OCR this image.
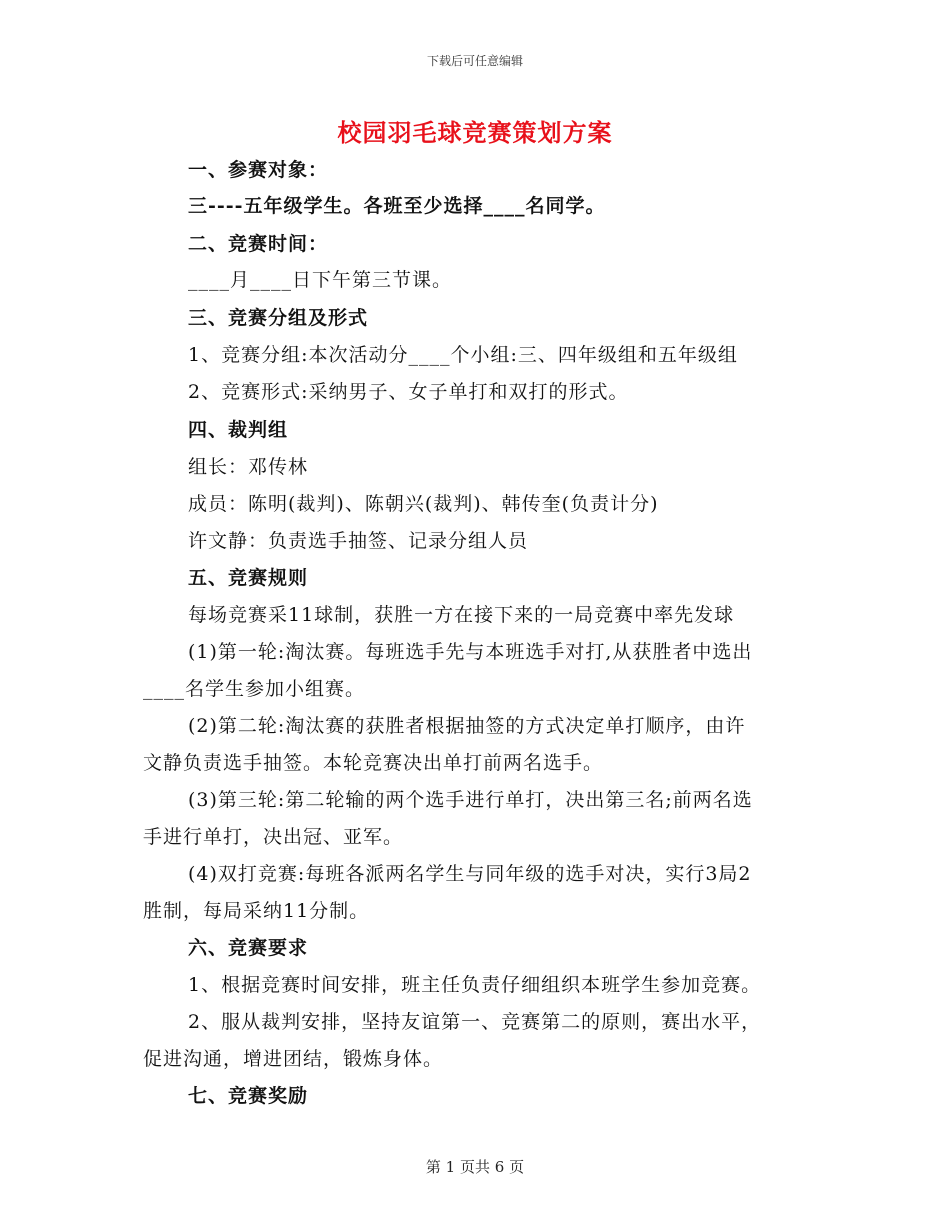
下载后可任意编辑
校园羽毛球竞赛策划方案
一、参赛对象：
三----五年级学生。各班至少选择____名同学。
二、竞赛时间：
____月____日下午第三节课。
三、竞赛分组及形式
1、竞赛分组:本次活动分____个小组:三、四年级组和五年级组
2、竞赛形式:采纳男子、女子单打和双打的形式。
四、裁判组
组长：邓传林
成员：陈明(裁判)、陈朝兴(裁判)、韩传奎(负责计分)
许文静：负责选手抽签、记录分组人员
五、竞赛规则
每场竞赛采11球制，获胜一方在接下来的一局竞赛中率先发球
(1)第一轮:淘汰赛。每班选手先与本班选手对打,从获胜者中选出
____名学生参加小组赛。
(2)第二轮:淘汰赛的获胜者根据抽签的方式决定单打顺序，由许
文静负责选手抽签。本轮竞赛决出单打前两名选手。
(3)第三轮:第二轮输的两个选手进行单打，决出第三名;前两名选
手进行单打，决出冠、亚军。
(4)双打竞赛:每班各派两名学生与同年级的选手对决，实行3局2
胜制，每局采纳11分制。
六、竞赛要求
1、根据竞赛时间安排，班主任负责仔细组织本班学生参加竞赛。
2、服从裁判安排，坚持友谊第一、竞赛第二的原则，赛出水平，
促进沟通，增进团结，锻炼身体。
七、竞赛奖励
第 1 页共 6 页
